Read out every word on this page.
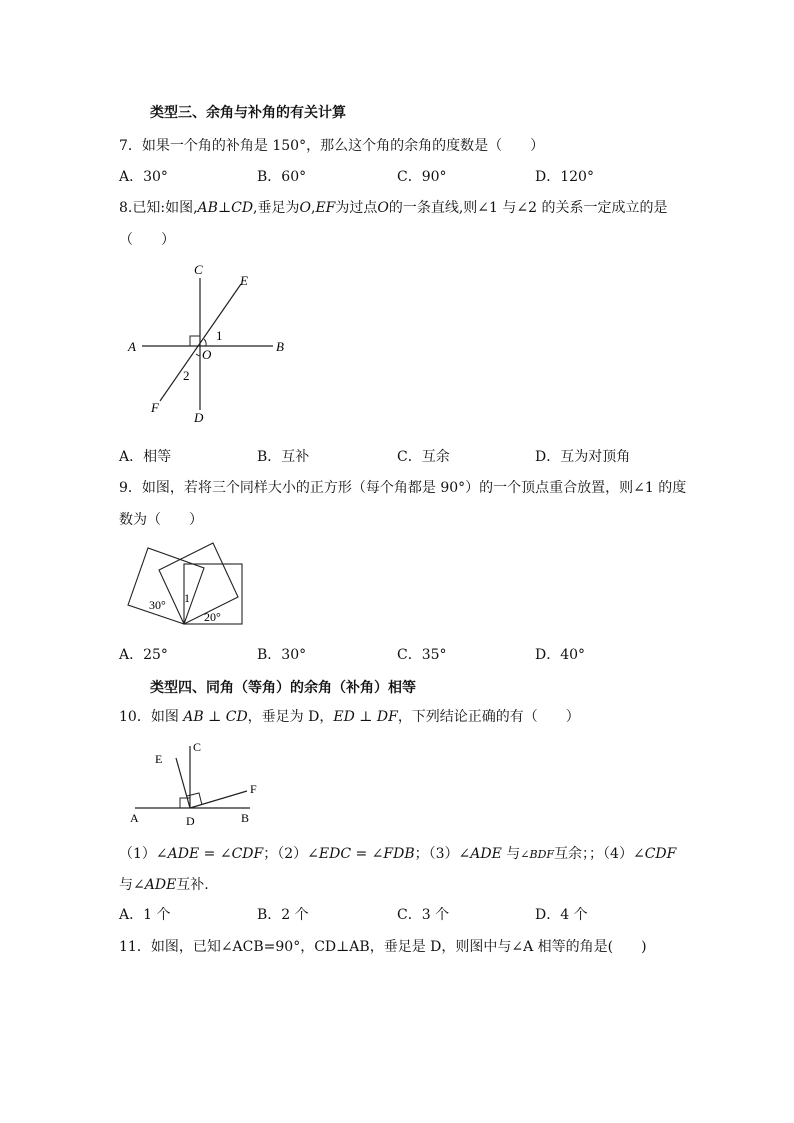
类型三、余角与补角的有关计算
7．如果一个角的补角是 150°，那么这个角的余角的度数是（　　）
A．30°	B．60°	C．90°	D．120°
8.已知:如图,AB⊥CD,垂足为O,EF为过点O的一条直线,则∠1 与∠2 的关系一定成立的是
（　　）
C
E
1
A
O
B
2
F
D
A．相等	B．互补	C．互余	D．互为对顶角
9．如图，若将三个同样大小的正方形（每个角都是 90°）的一个顶点重合放置，则∠1 的度
数为（　　）
30° 1
20°
A．25°	B．30°	C．35°	D．40°
类型四、同角（等角）的余角（补角）相等
10．如图 AB ⊥ CD，垂足为 D，ED ⊥ DF，下列结论正确的有（　　）
E
C
F
A	D	B
（1）∠ADE = ∠CDF；（2）∠EDC = ∠FDB；（3）∠ADE 与∠BDF互余；；（4）∠CDF
与∠ADE互补.
A．1 个	B．2 个	C．3 个	D．4 个
11．如图，已知∠ACB=90°，CD⊥AB，垂足是 D，则图中与∠A 相等的角是(　　)
